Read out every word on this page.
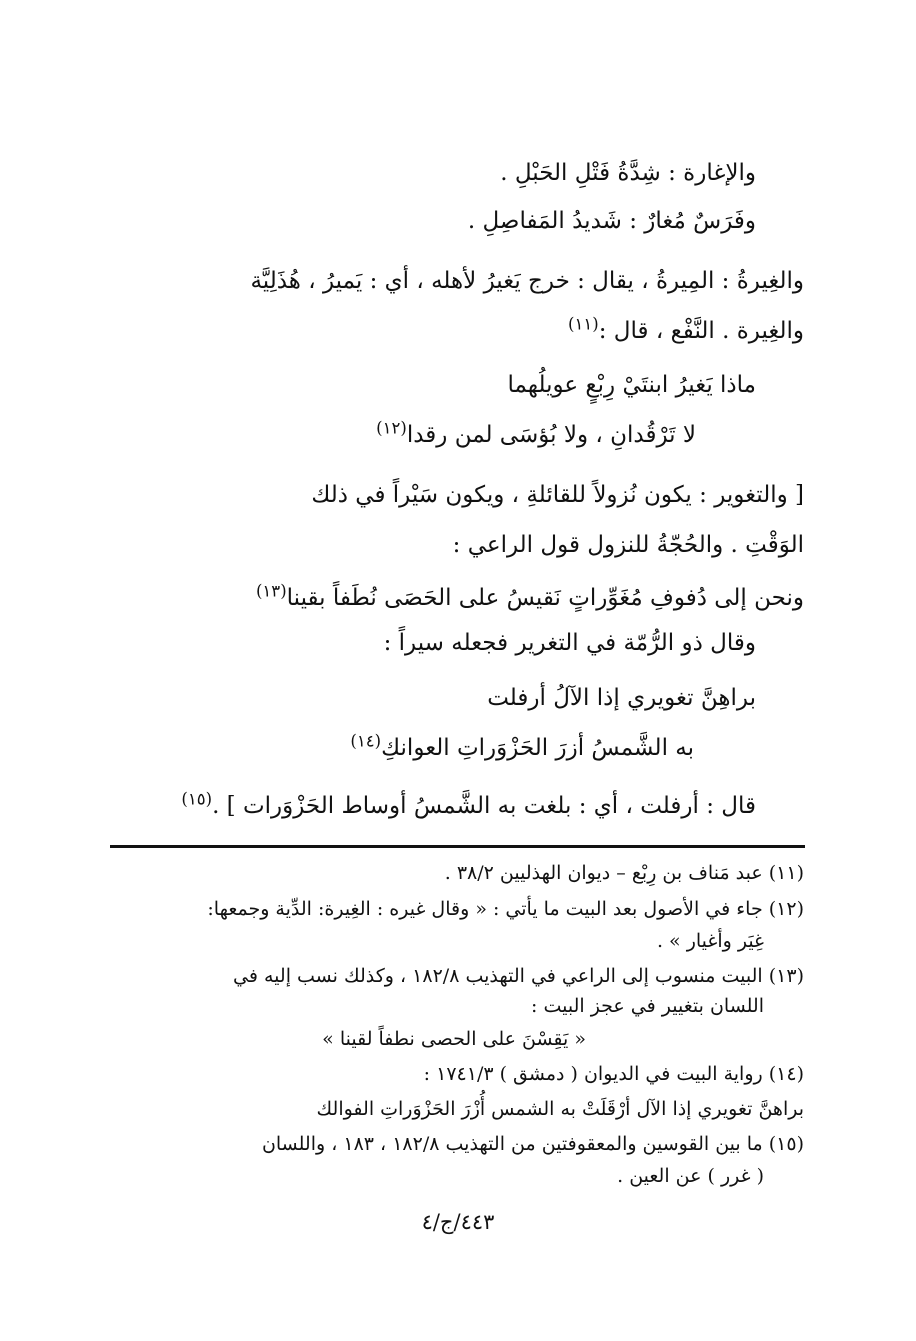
والإغارة : شِدَّةُ فَتْلِ الحَبْلِ .
وفَرَسٌ مُغارٌ : شَديدُ المَفاصِلِ .
والغِيرةُ : المِيرةُ ، يقال : خرج يَغيرُ لأهله ، أي : يَميرُ ، هُذَلِيَّة
والغِيرة . النَّفْع ، قال :$^{(١١)}$
ماذا يَغيرُ ابنتَيْ رِبْعٍ عويلُهما
لا تَرْقُدانِ ، ولا بُؤسَى لمن رقدا$^{(١٢)}$
[ والتغوير : يكون نُزولاً للقائلةِ ، ويكون سَيْراً في ذلك
الوَقْتِ . والحُجّةُ للنزول قول الراعي :
ونحن إلى دُفوفِ مُغَوِّراتٍ نَقيسُ على الحَصَى نُطَفاً بقينا$^{(١٣)}$
وقال ذو الرُّمّة في التغرير فجعله سيراً :
براهِنَّ تغويري إذا الآلُ أرفلت
به الشَّمسُ أزرَ الحَزْوَراتِ العوانكِ$^{(١٤)}$
قال : أرفلت ، أي : بلغت به الشَّمسُ أوساط الحَزْوَرات ] .$^{(١٥)}$
(١١) عبد مَناف بن رِبْع – ديوان الهذليين ٣٨/٢ .
(١٢) جاء في الأصول بعد البيت ما يأتي : « وقال غيره : الغِيرة: الدِّية وجمعها:
غِيَر وأغيار » .
(١٣) البيت منسوب إلى الراعي في التهذيب ١٨٢/٨ ، وكذلك نسب إليه في
اللسان بتغيير في عجز البيت :
« يَقِسْنَ على الحصى نطفاً لقينا »
(١٤) رواية البيت في الديوان ( دمشق ) ١٧٤١/٣ :
براهنَّ تغويري إذا الآل أرْقَلَتْ به الشمس أُزْرَ الحَزْوَراتِ الفوالك
(١٥) ما بين القوسين والمعقوفتين من التهذيب ١٨٢/٨ ، ١٨٣ ، واللسان
( غرر ) عن العين .
٤٤٣/ج/٤
